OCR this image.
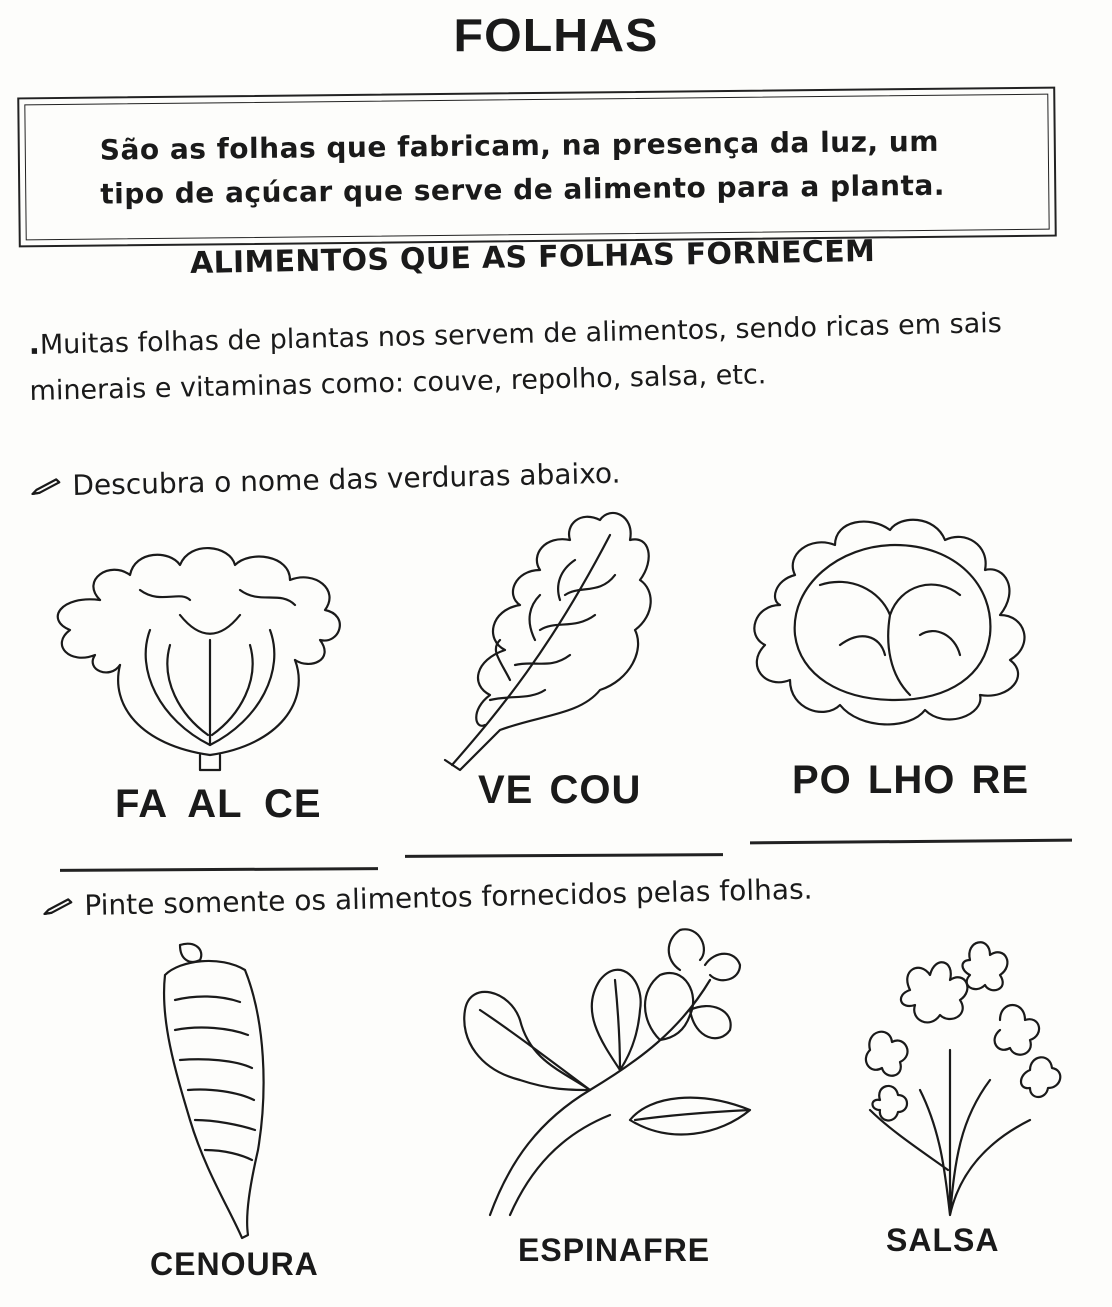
FOLHAS
São as folhas que fabricam, na presença da luz, um
tipo de açúcar que serve de alimento para a planta.
ALIMENTOS QUE AS FOLHAS FORNECEM
.Muitas folhas de plantas nos servem de alimentos, sendo ricas em sais
minerais e vitaminas como: couve, repolho, salsa, etc.
Descubra o nome das verduras abaixo.
FA AL CE	VE COU	PO LHO RE
Pinte somente os alimentos fornecidos pelas folhas.
CENOURA	ESPINAFRE	SALSA
